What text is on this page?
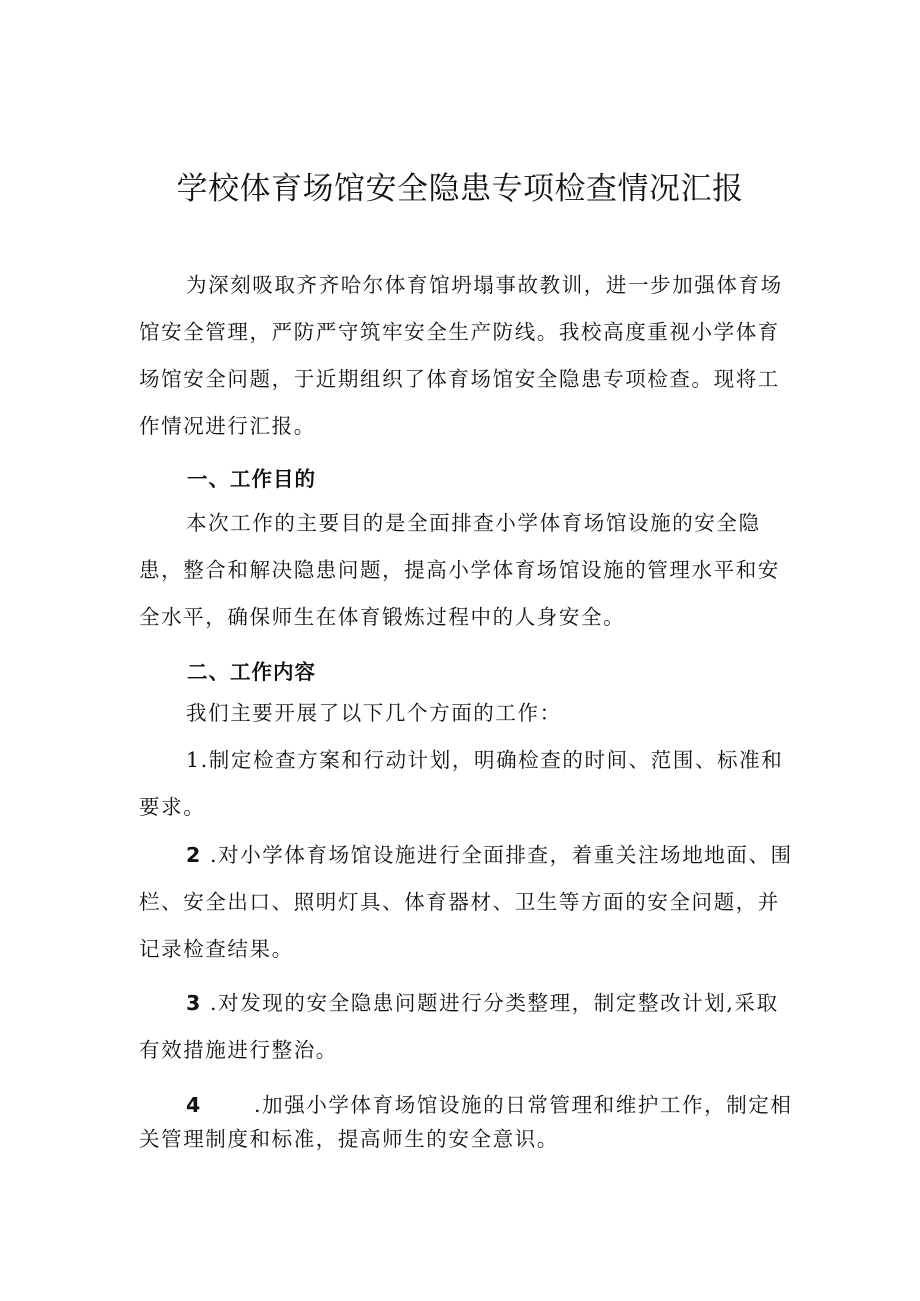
学校体育场馆安全隐患专项检查情况汇报

为深刻吸取齐齐哈尔体育馆坍塌事故教训，进一步加强体育场馆安全管理，严防严守筑牢安全生产防线。我校高度重视小学体育场馆安全问题，于近期组织了体育场馆安全隐患专项检查。现将工作情况进行汇报。

一、工作目的

本次工作的主要目的是全面排查小学体育场馆设施的安全隐患，整合和解决隐患问题，提高小学体育场馆设施的管理水平和安全水平，确保师生在体育锻炼过程中的人身安全。

二、工作内容

我们主要开展了以下几个方面的工作：

1.制定检查方案和行动计划，明确检查的时间、范围、标准和要求。

2 .对小学体育场馆设施进行全面排查，着重关注场地地面、围栏、安全出口、照明灯具、体育器材、卫生等方面的安全问题，并记录检查结果。

3 .对发现的安全隐患问题进行分类整理，制定整改计划,采取有效措施进行整治。

4	.加强小学体育场馆设施的日常管理和维护工作，制定相关管理制度和标准，提高师生的安全意识。
